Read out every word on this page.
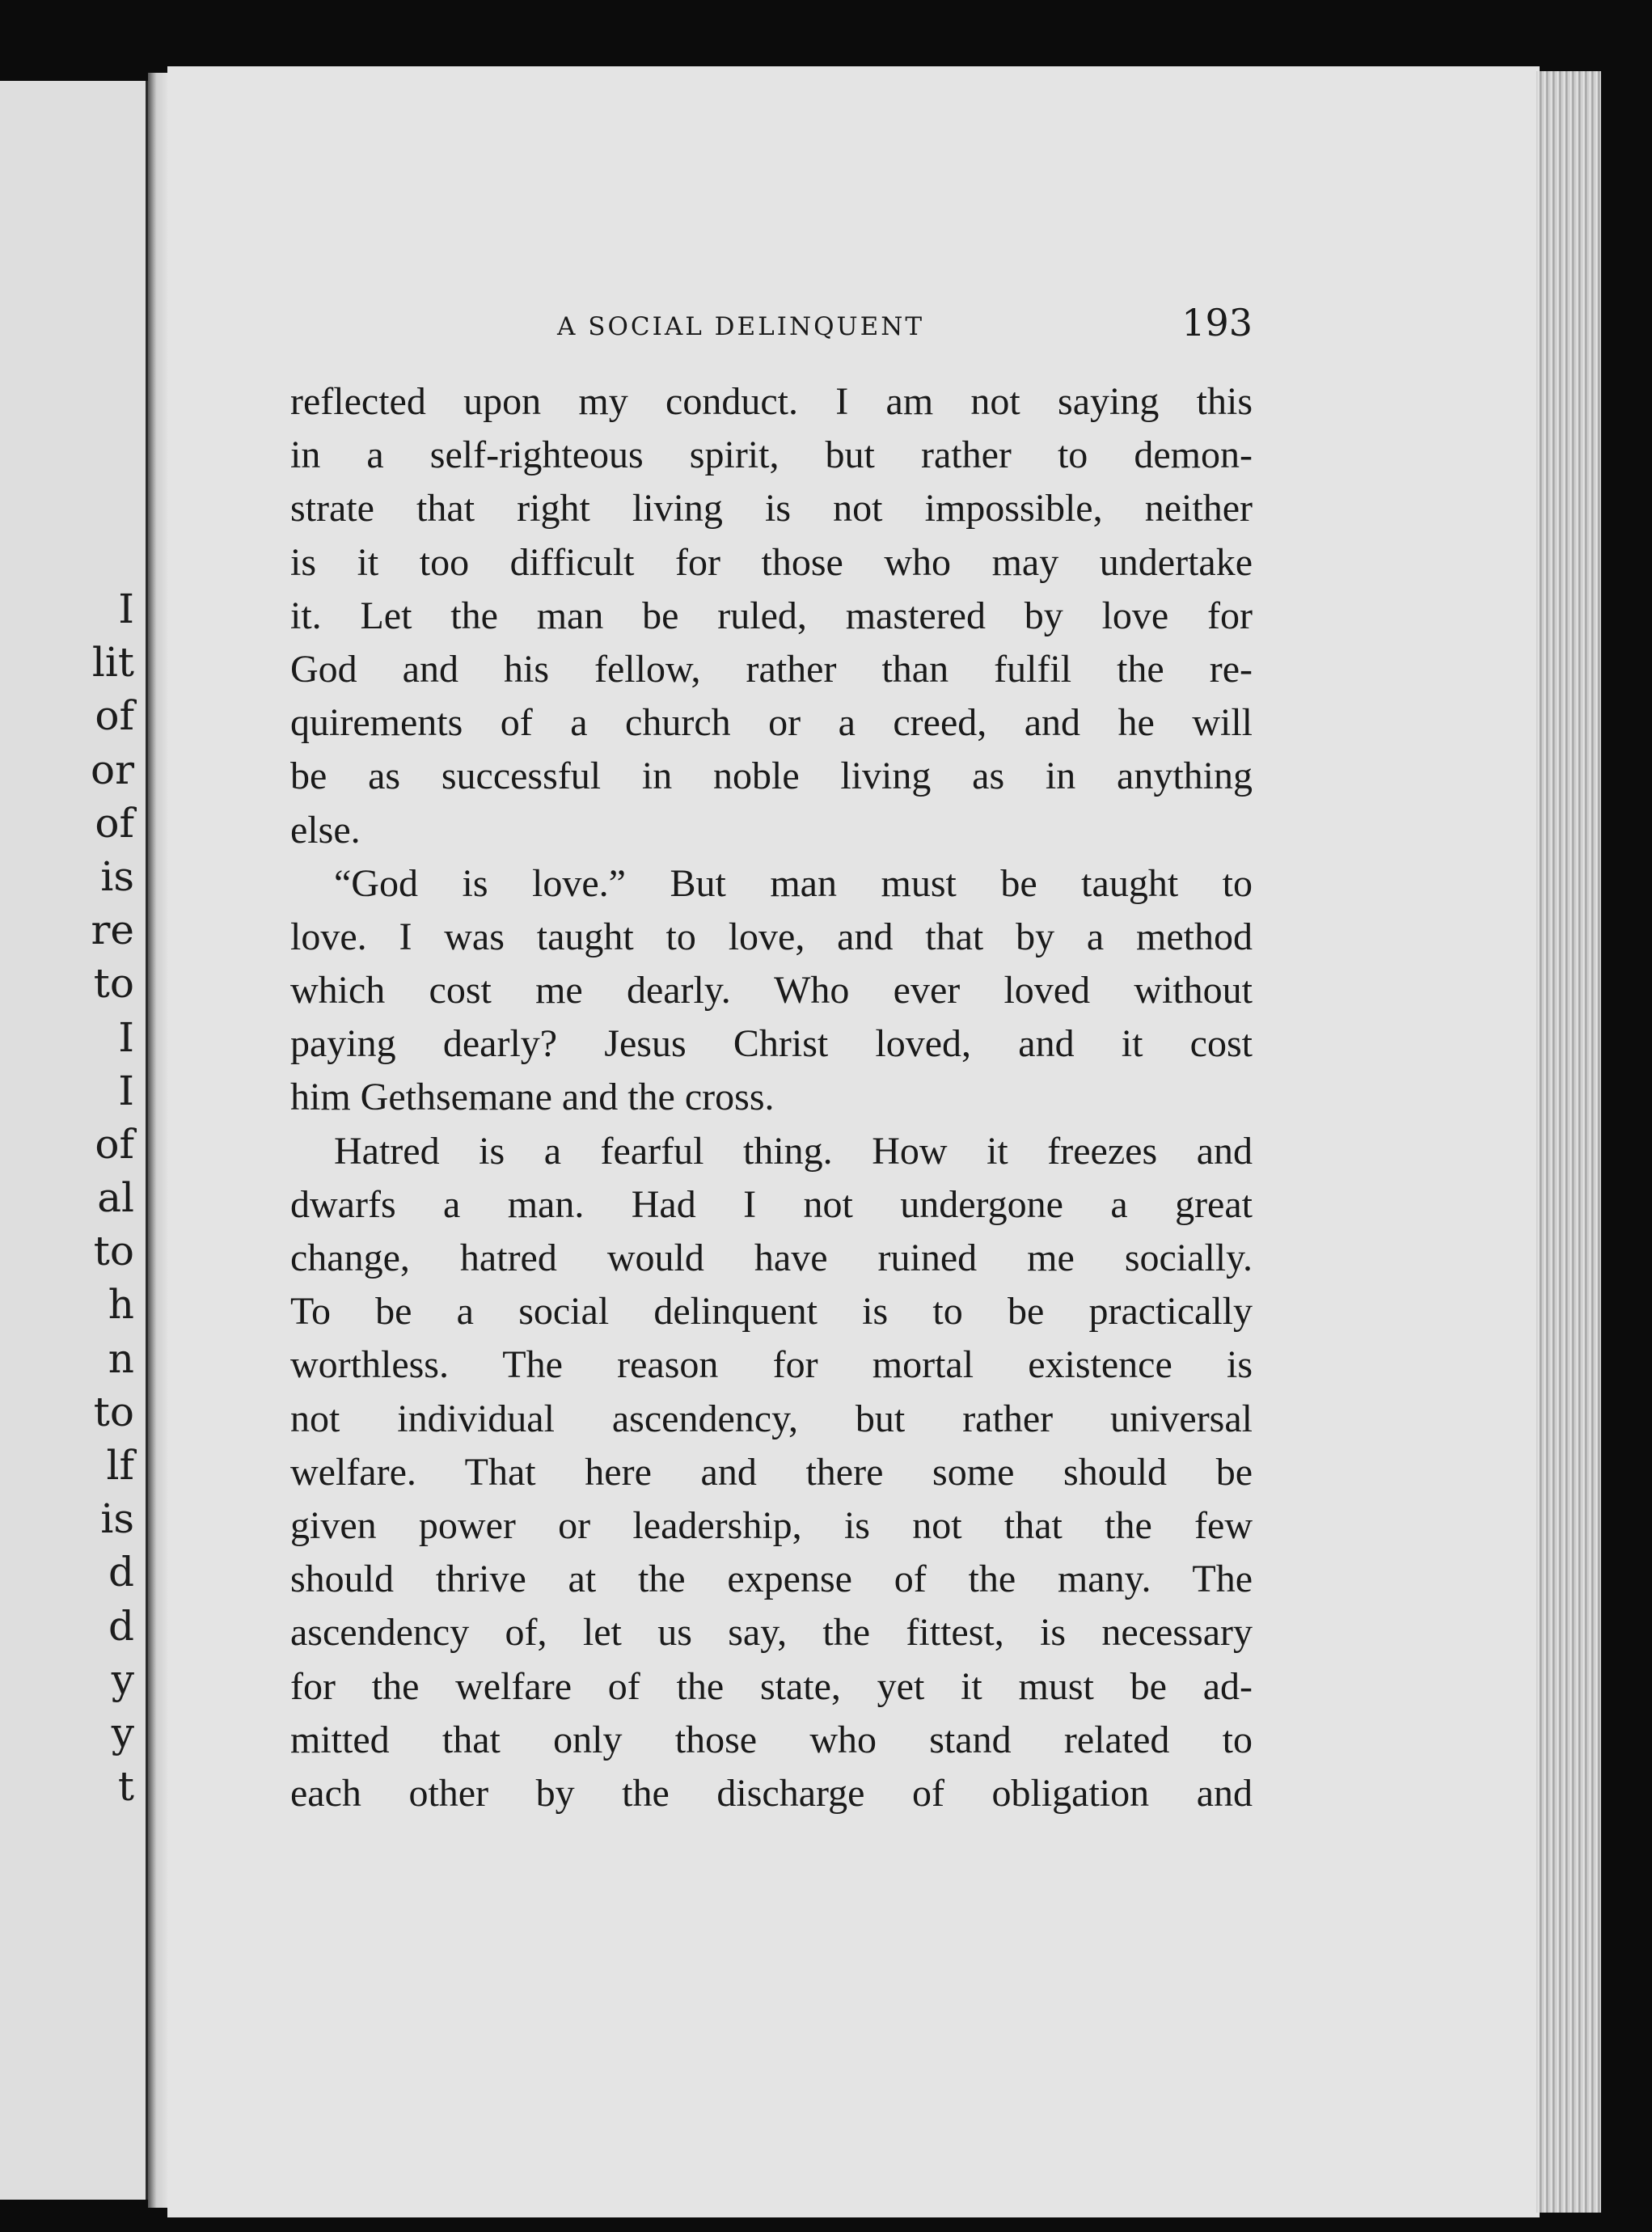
I
lit
of
or
of
is
re
to
I
I
of
al
to
h
n
to
lf
is
d
d
y
y
t
A SOCIAL DELINQUENT	193
reflected upon my conduct. I am not saying this
in a self-righteous spirit, but rather to demon-
strate that right living is not impossible, neither
is it too difficult for those who may undertake
it. Let the man be ruled, mastered by love for
God and his fellow, rather than fulfil the re-
quirements of a church or a creed, and he will
be as successful in noble living as in anything
else.
“God is love.” But man must be taught to
love. I was taught to love, and that by a method
which cost me dearly. Who ever loved without
paying dearly? Jesus Christ loved, and it cost
him Gethsemane and the cross.
Hatred is a fearful thing. How it freezes and
dwarfs a man. Had I not undergone a great
change, hatred would have ruined me socially.
To be a social delinquent is to be practically
worthless. The reason for mortal existence is
not individual ascendency, but rather universal
welfare. That here and there some should be
given power or leadership, is not that the few
should thrive at the expense of the many. The
ascendency of, let us say, the fittest, is necessary
for the welfare of the state, yet it must be ad-
mitted that only those who stand related to
each other by the discharge of obligation and
